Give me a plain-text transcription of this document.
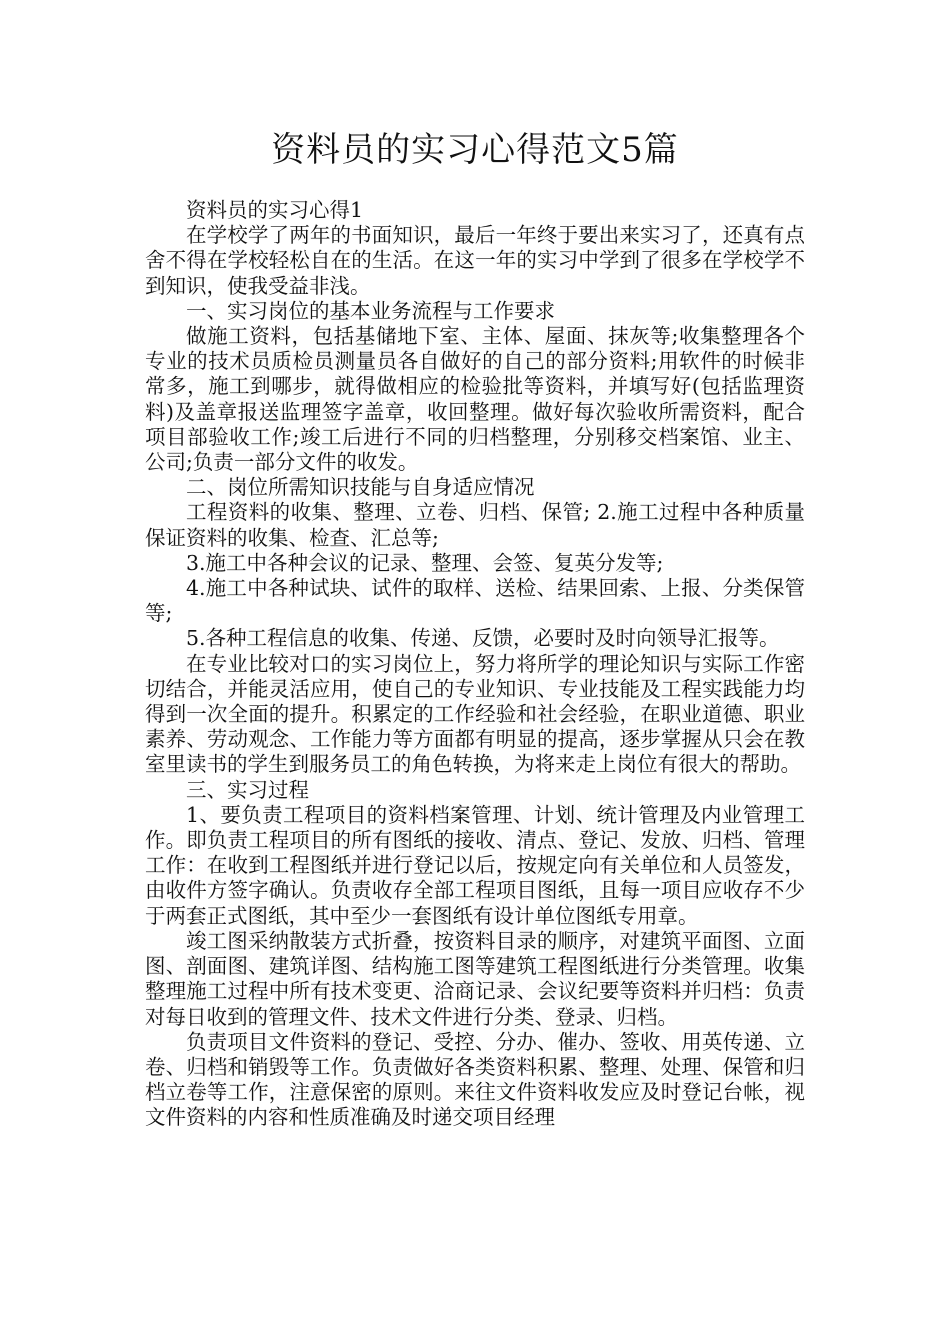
资料员的实习心得范文5篇

资料员的实习心得1

在学校学了两年的书面知识，最后一年终于要出来实习了，还真有点舍不得在学校轻松自在的生活。在这一年的实习中学到了很多在学校学不到知识，使我受益非浅。

一、实习岗位的基本业务流程与工作要求

做施工资料，包括基储地下室、主体、屋面、抹灰等;收集整理各个专业的技术员质检员测量员各自做好的自己的部分资料;用软件的时候非常多，施工到哪步，就得做相应的检验批等资料，并填写好(包括监理资料)及盖章报送监理签字盖章，收回整理。做好每次验收所需资料，配合项目部验收工作;竣工后进行不同的归档整理，分别移交档案馆、业主、公司;负责一部分文件的收发。

二、岗位所需知识技能与自身适应情况

工程资料的收集、整理、立卷、归档、保管; 2.施工过程中各种质量保证资料的收集、检查、汇总等;

3.施工中各种会议的记录、整理、会签、复英分发等;

4.施工中各种试块、试件的取样、送检、结果回索、上报、分类保管等;

5.各种工程信息的收集、传递、反馈，必要时及时向领导汇报等。

在专业比较对口的实习岗位上，努力将所学的理论知识与实际工作密切结合，并能灵活应用，使自己的专业知识、专业技能及工程实践能力均得到一次全面的提升。积累定的工作经验和社会经验，在职业道德、职业素养、劳动观念、工作能力等方面都有明显的提高，逐步掌握从只会在教室里读书的学生到服务员工的角色转换，为将来走上岗位有很大的帮助。

三、实习过程

1、要负责工程项目的资料档案管理、计划、统计管理及内业管理工作。即负责工程项目的所有图纸的接收、清点、登记、发放、归档、管理工作：在收到工程图纸并进行登记以后，按规定向有关单位和人员签发，由收件方签字确认。负责收存全部工程项目图纸，且每一项目应收存不少于两套正式图纸，其中至少一套图纸有设计单位图纸专用章。

竣工图采纳散装方式折叠，按资料目录的顺序，对建筑平面图、立面图、剖面图、建筑详图、结构施工图等建筑工程图纸进行分类管理。收集整理施工过程中所有技术变更、洽商记录、会议纪要等资料并归档：负责对每日收到的管理文件、技术文件进行分类、登录、归档。

负责项目文件资料的登记、受控、分办、催办、签收、用英传递、立卷、归档和销毁等工作。负责做好各类资料积累、整理、处理、保管和归档立卷等工作，注意保密的原则。来往文件资料收发应及时登记台帐，视文件资料的内容和性质准确及时递交项目经理
